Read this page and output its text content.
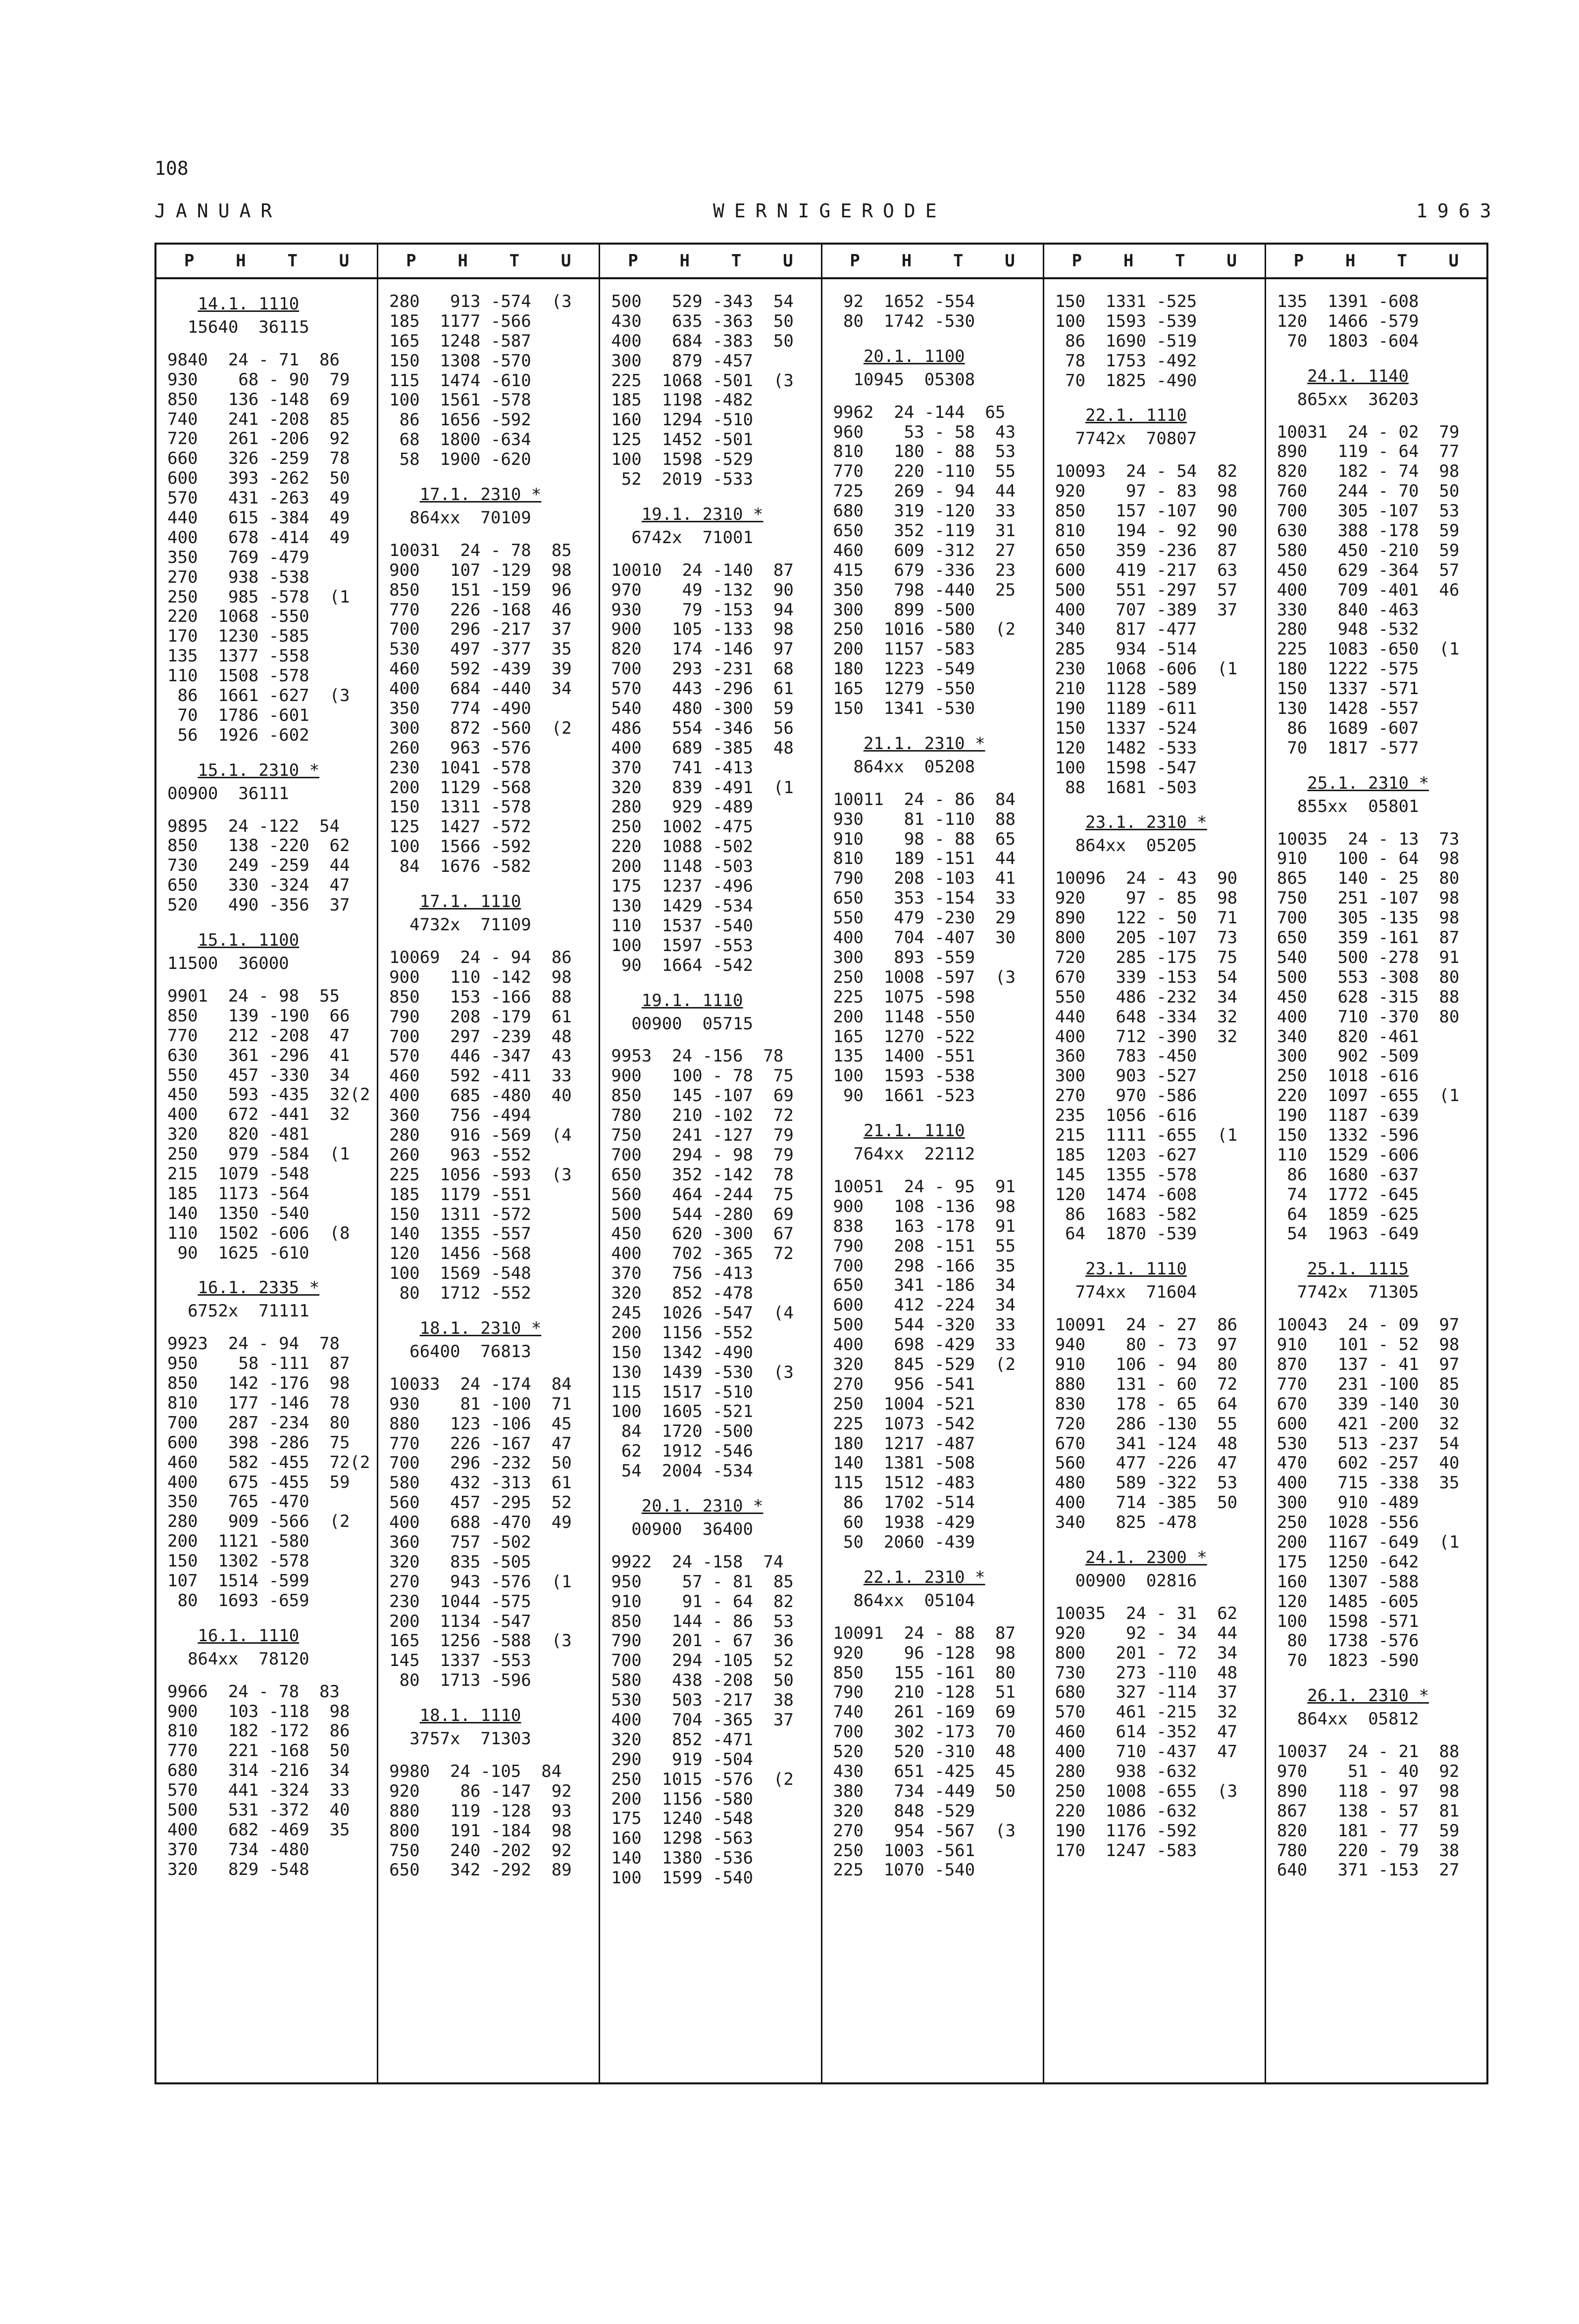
108
JANUAR	WERNIGERODE	1963
P H T U
14.1. 1110
15640  36115
9840  24 - 71  86
930    68 - 90  79
850   136 -148  69
740   241 -208  85
720   261 -206  92
660   326 -259  78
600   393 -262  50
570   431 -263  49
440   615 -384  49
400   678 -414  49
350   769 -479
270   938 -538
250   985 -578  (1
220  1068 -550
170  1230 -585
135  1377 -558
110  1508 -578
86  1661 -627  (3
70  1786 -601
56  1926 -602
15.1. 2310 *
00900  36111
9895  24 -122  54
850   138 -220  62
730   249 -259  44
650   330 -324  47
520   490 -356  37
15.1. 1100
11500  36000
9901  24 - 98  55
850   139 -190  66
770   212 -208  47
630   361 -296  41
550   457 -330  34
450   593 -435  32(2
400   672 -441  32
320   820 -481
250   979 -584  (1
215  1079 -548
185  1173 -564
140  1350 -540
110  1502 -606  (8
90  1625 -610
16.1. 2335 *
6752x  71111
9923  24 - 94  78
950    58 -111  87
850   142 -176  98
810   177 -146  78
700   287 -234  80
600   398 -286  75
460   582 -455  72(2
400   675 -455  59
350   765 -470
280   909 -566  (2
200  1121 -580
150  1302 -578
107  1514 -599
80  1693 -659
16.1. 1110
864xx  78120
9966  24 - 78  83
900   103 -118  98
810   182 -172  86
770   221 -168  50
680   314 -216  34
570   441 -324  33
500   531 -372  40
400   682 -469  35
370   734 -480
320   829 -548
P H T U
280   913 -574  (3
185  1177 -566
165  1248 -587
150  1308 -570
115  1474 -610
100  1561 -578
86  1656 -592
68  1800 -634
58  1900 -620
17.1. 2310 *
864xx  70109
10031  24 - 78  85
900   107 -129  98
850   151 -159  96
770   226 -168  46
700   296 -217  37
530   497 -377  35
460   592 -439  39
400   684 -440  34
350   774 -490
300   872 -560  (2
260   963 -576
230  1041 -578
200  1129 -568
150  1311 -578
125  1427 -572
100  1566 -592
84  1676 -582
17.1. 1110
4732x  71109
10069  24 - 94  86
900   110 -142  98
850   153 -166  88
790   208 -179  61
700   297 -239  48
570   446 -347  43
460   592 -411  33
400   685 -480  40
360   756 -494
280   916 -569  (4
260   963 -552
225  1056 -593  (3
185  1179 -551
150  1311 -572
140  1355 -557
120  1456 -568
100  1569 -548
80  1712 -552
18.1. 2310 *
66400  76813
10033  24 -174  84
930    81 -100  71
880   123 -106  45
770   226 -167  47
700   296 -232  50
580   432 -313  61
560   457 -295  52
400   688 -470  49
360   757 -502
320   835 -505
270   943 -576  (1
230  1044 -575
200  1134 -547
165  1256 -588  (3
145  1337 -553
80  1713 -596
18.1. 1110
3757x  71303
9980  24 -105  84
920    86 -147  92
880   119 -128  93
800   191 -184  98
750   240 -202  92
650   342 -292  89
P H T U
500   529 -343  54
430   635 -363  50
400   684 -383  50
300   879 -457
225  1068 -501  (3
185  1198 -482
160  1294 -510
125  1452 -501
100  1598 -529
52  2019 -533
19.1. 2310 *
6742x  71001
10010  24 -140  87
970    49 -132  90
930    79 -153  94
900   105 -133  98
820   174 -146  97
700   293 -231  68
570   443 -296  61
540   480 -300  59
486   554 -346  56
400   689 -385  48
370   741 -413
320   839 -491  (1
280   929 -489
250  1002 -475
220  1088 -502
200  1148 -503
175  1237 -496
130  1429 -534
110  1537 -540
100  1597 -553
90  1664 -542
19.1. 1110
00900  05715
9953  24 -156  78
900   100 - 78  75
850   145 -107  69
780   210 -102  72
750   241 -127  79
700   294 - 98  79
650   352 -142  78
560   464 -244  75
500   544 -280  69
450   620 -300  67
400   702 -365  72
370   756 -413
320   852 -478
245  1026 -547  (4
200  1156 -552
150  1342 -490
130  1439 -530  (3
115  1517 -510
100  1605 -521
84  1720 -500
62  1912 -546
54  2004 -534
20.1. 2310 *
00900  36400
9922  24 -158  74
950    57 - 81  85
910    91 - 64  82
850   144 - 86  53
790   201 - 67  36
700   294 -105  52
580   438 -208  50
530   503 -217  38
400   704 -365  37
320   852 -471
290   919 -504
250  1015 -576  (2
200  1156 -580
175  1240 -548
160  1298 -563
140  1380 -536
100  1599 -540
P H T U
92  1652 -554
80  1742 -530
20.1. 1100
10945  05308
9962  24 -144  65
960    53 - 58  43
810   180 - 88  53
770   220 -110  55
725   269 - 94  44
680   319 -120  33
650   352 -119  31
460   609 -312  27
415   679 -336  23
350   798 -440  25
300   899 -500
250  1016 -580  (2
200  1157 -583
180  1223 -549
165  1279 -550
150  1341 -530
21.1. 2310 *
864xx  05208
10011  24 - 86  84
930    81 -110  88
910    98 - 88  65
810   189 -151  44
790   208 -103  41
650   353 -154  33
550   479 -230  29
400   704 -407  30
300   893 -559
250  1008 -597  (3
225  1075 -598
200  1148 -550
165  1270 -522
135  1400 -551
100  1593 -538
90  1661 -523
21.1. 1110
764xx  22112
10051  24 - 95  91
900   108 -136  98
838   163 -178  91
790   208 -151  55
700   298 -166  35
650   341 -186  34
600   412 -224  34
500   544 -320  33
400   698 -429  33
320   845 -529  (2
270   956 -541
250  1004 -521
225  1073 -542
180  1217 -487
140  1381 -508
115  1512 -483
86  1702 -514
60  1938 -429
50  2060 -439
22.1. 2310 *
864xx  05104
10091  24 - 88  87
920    96 -128  98
850   155 -161  80
790   210 -128  51
740   261 -169  69
700   302 -173  70
520   520 -310  48
430   651 -425  45
380   734 -449  50
320   848 -529
270   954 -567  (3
250  1003 -561
225  1070 -540
P H T U
150  1331 -525
100  1593 -539
86  1690 -519
78  1753 -492
70  1825 -490
22.1. 1110
7742x  70807
10093  24 - 54  82
920    97 - 83  98
850   157 -107  90
810   194 - 92  90
650   359 -236  87
600   419 -217  63
500   551 -297  57
400   707 -389  37
340   817 -477
285   934 -514
230  1068 -606  (1
210  1128 -589
190  1189 -611
150  1337 -524
120  1482 -533
100  1598 -547
88  1681 -503
23.1. 2310 *
864xx  05205
10096  24 - 43  90
920    97 - 85  98
890   122 - 50  71
800   205 -107  73
720   285 -175  75
670   339 -153  54
550   486 -232  34
440   648 -334  32
400   712 -390  32
360   783 -450
300   903 -527
270   970 -586
235  1056 -616
215  1111 -655  (1
185  1203 -627
145  1355 -578
120  1474 -608
86  1683 -582
64  1870 -539
23.1. 1110
774xx  71604
10091  24 - 27  86
940    80 - 73  97
910   106 - 94  80
880   131 - 60  72
830   178 - 65  64
720   286 -130  55
670   341 -124  48
560   477 -226  47
480   589 -322  53
400   714 -385  50
340   825 -478
24.1. 2300 *
00900  02816
10035  24 - 31  62
920    92 - 34  44
800   201 - 72  34
730   273 -110  48
680   327 -114  37
570   461 -215  32
460   614 -352  47
400   710 -437  47
280   938 -632
250  1008 -655  (3
220  1086 -632
190  1176 -592
170  1247 -583
P H T U
135  1391 -608
120  1466 -579
70  1803 -604
24.1. 1140
865xx  36203
10031  24 - 02  79
890   119 - 64  77
820   182 - 74  98
760   244 - 70  50
700   305 -107  53
630   388 -178  59
580   450 -210  59
450   629 -364  57
400   709 -401  46
330   840 -463
280   948 -532
225  1083 -650  (1
180  1222 -575
150  1337 -571
130  1428 -557
86  1689 -607
70  1817 -577
25.1. 2310 *
855xx  05801
10035  24 - 13  73
910   100 - 64  98
865   140 - 25  80
750   251 -107  98
700   305 -135  98
650   359 -161  87
540   500 -278  91
500   553 -308  80
450   628 -315  88
400   710 -370  80
340   820 -461
300   902 -509
250  1018 -616
220  1097 -655  (1
190  1187 -639
150  1332 -596
110  1529 -606
86  1680 -637
74  1772 -645
64  1859 -625
54  1963 -649
25.1. 1115
7742x  71305
10043  24 - 09  97
910   101 - 52  98
870   137 - 41  97
770   231 -100  85
670   339 -140  30
600   421 -200  32
530   513 -237  54
470   602 -257  40
400   715 -338  35
300   910 -489
250  1028 -556
200  1167 -649  (1
175  1250 -642
160  1307 -588
120  1485 -605
100  1598 -571
80  1738 -576
70  1823 -590
26.1. 2310 *
864xx  05812
10037  24 - 21  88
970    51 - 40  92
890   118 - 97  98
867   138 - 57  81
820   181 - 77  59
780   220 - 79  38
640   371 -153  27
